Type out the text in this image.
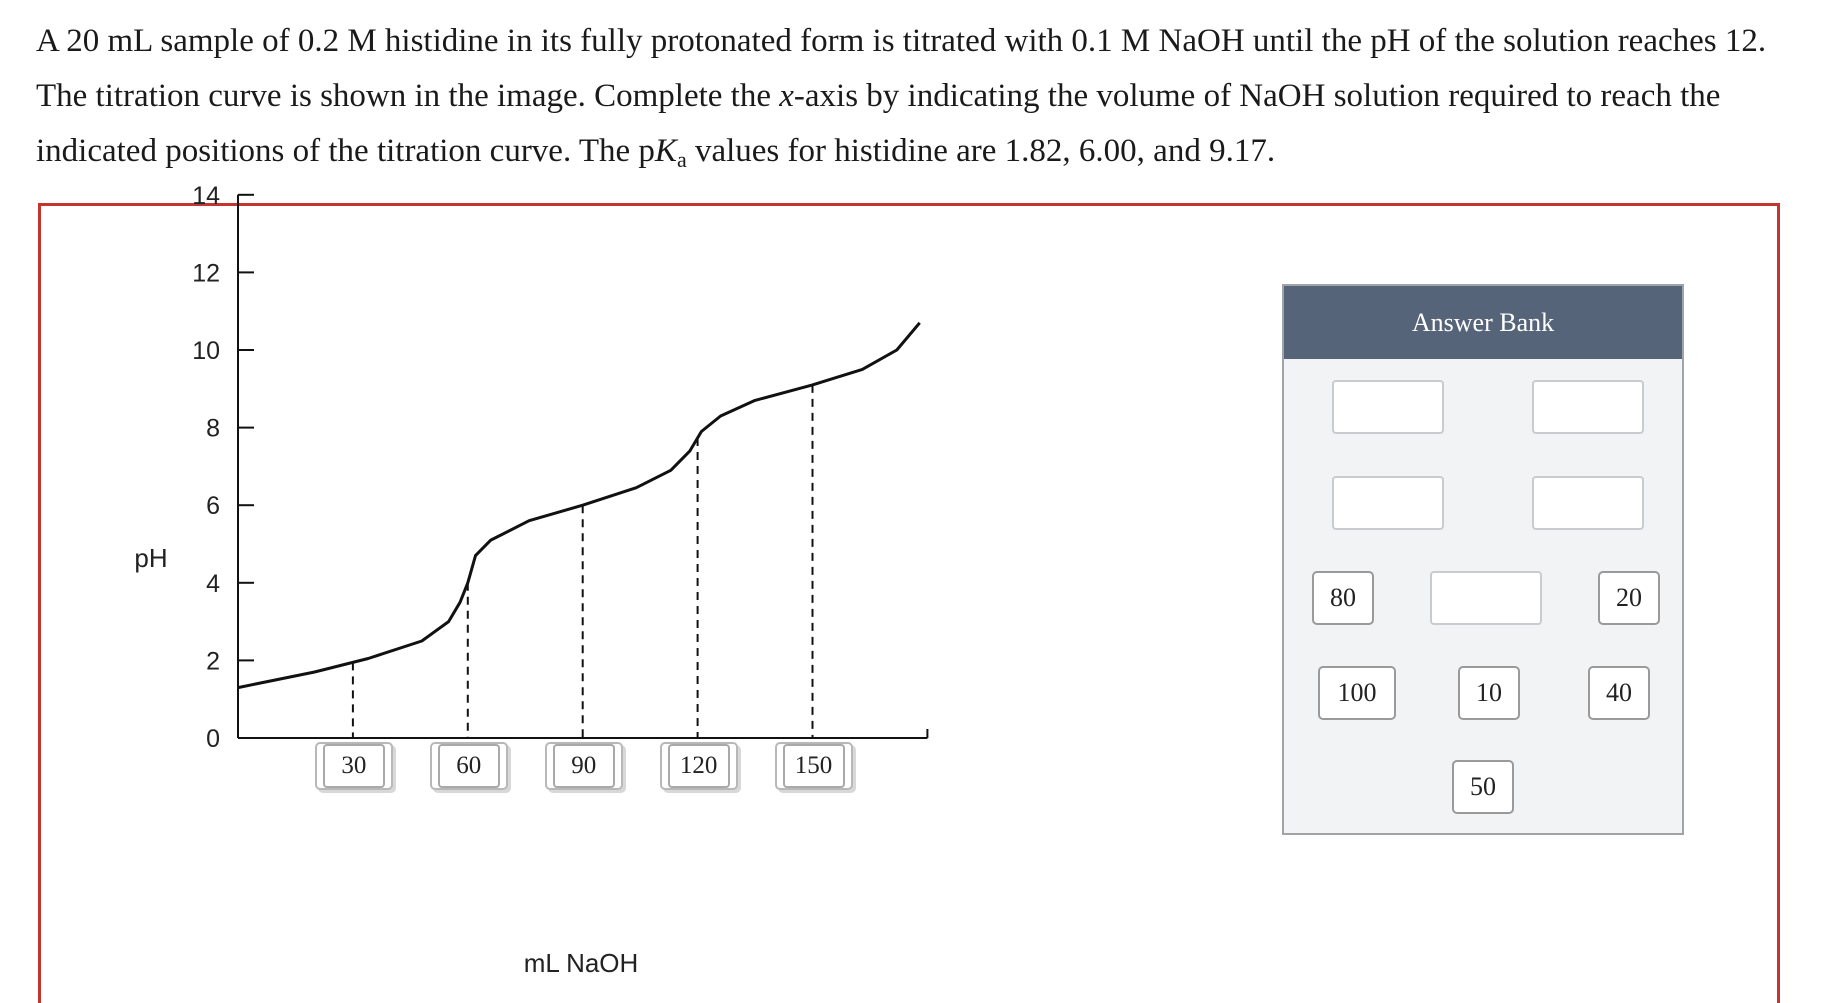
A 20 mL sample of 0.2 M histidine in its fully protonated form is titrated with 0.1 M NaOH until the pH of the solution reaches 12. The titration curve is shown in the image. Complete the x-axis by indicating the volume of NaOH solution required to reach the indicated positions of the titration curve. The $pK_a$ values for histidine are 1.82, 6.00, and 9.17.
0
2
4
6
8
10
12
14
pH
mL NaOH
30	60	90	120	150
Answer Bank
80	20
100	10	40
50
